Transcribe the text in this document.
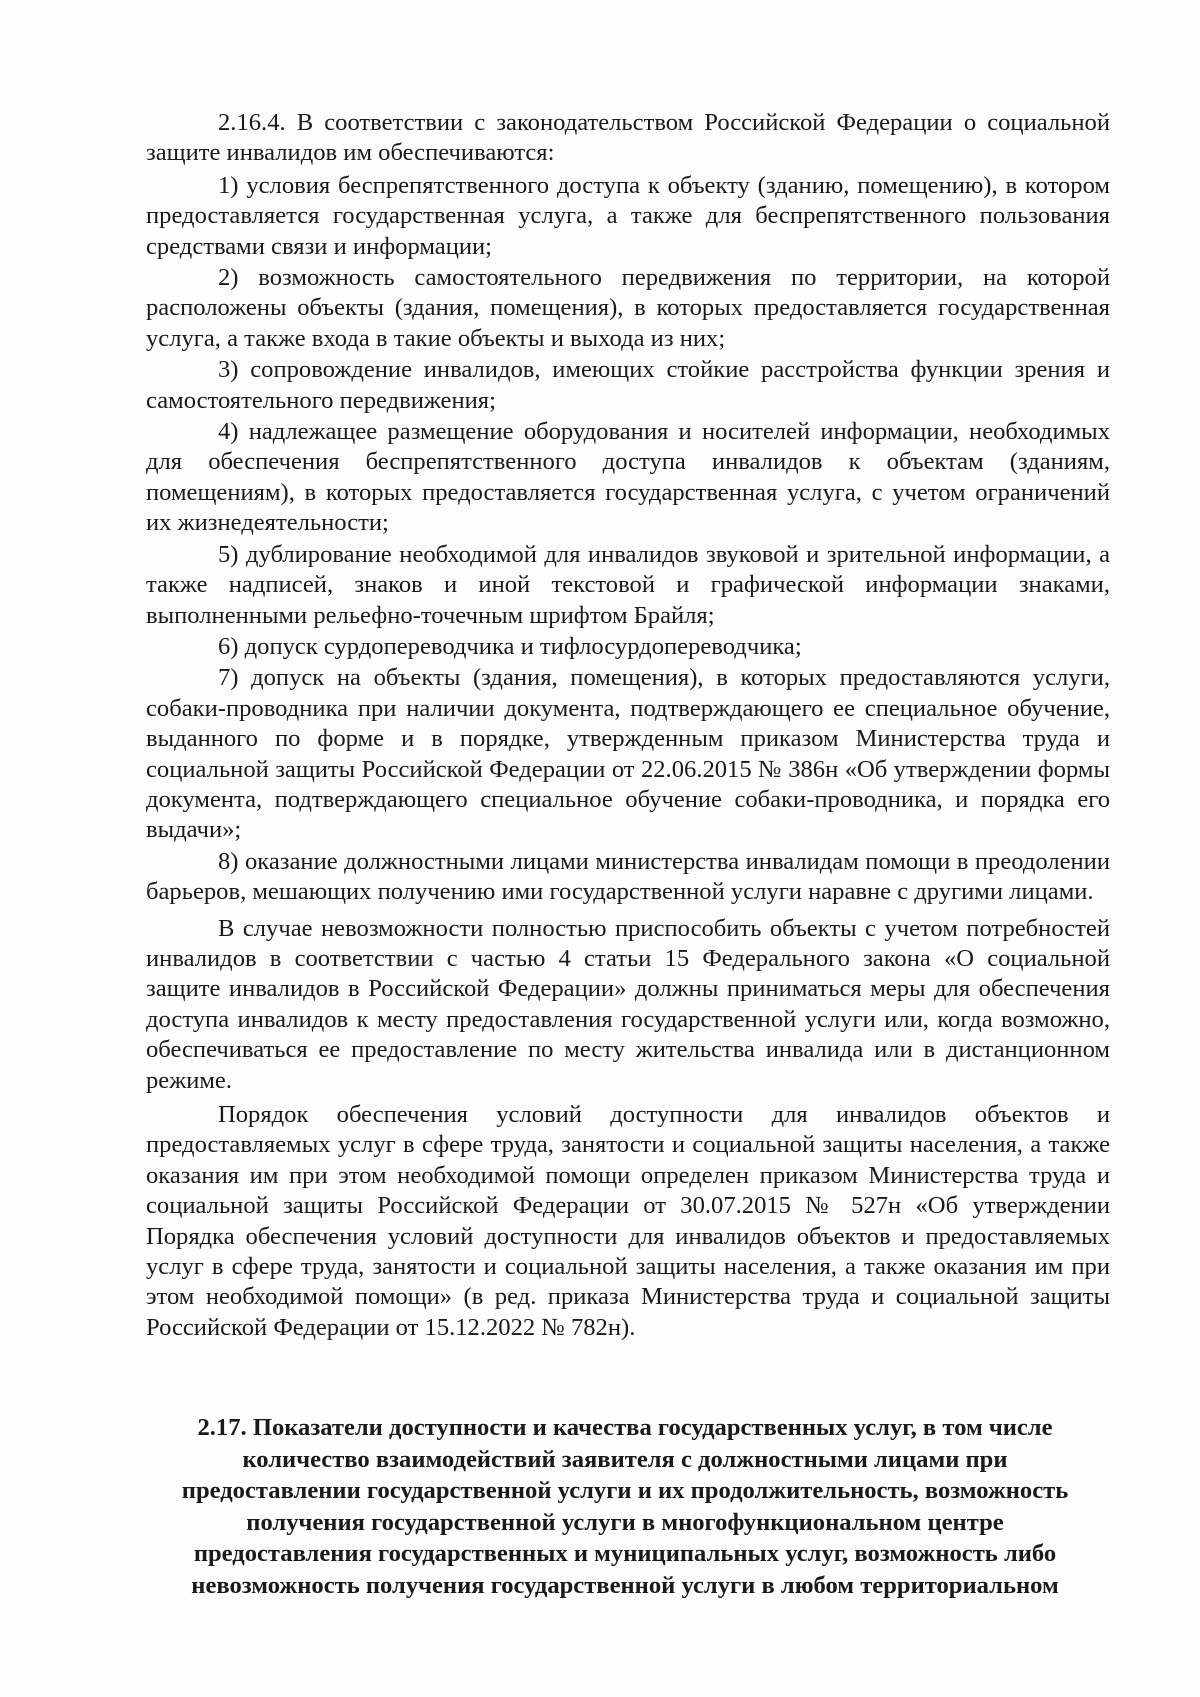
2.16.4. В соответствии с законодательством Российской Федерации о социальной защите инвалидов им обеспечиваются:

1) условия беспрепятственного доступа к объекту (зданию, помещению), в котором предоставляется государственная услуга, а также для беспрепятственного пользования средствами связи и информации;

2) возможность самостоятельного передвижения по территории, на которой расположены объекты (здания, помещения), в которых предоставляется государственная услуга, а также входа в такие объекты и выхода из них;

3) сопровождение инвалидов, имеющих стойкие расстройства функции зрения и самостоятельного передвижения;

4) надлежащее размещение оборудования и носителей информации, необходимых для обеспечения беспрепятственного доступа инвалидов к объектам (зданиям, помещениям), в которых предоставляется государственная услуга, с учетом ограничений их жизнедеятельности;

5) дублирование необходимой для инвалидов звуковой и зрительной информации, а также надписей, знаков и иной текстовой и графической информации знаками, выполненными рельефно-точечным шрифтом Брайля;

6) допуск сурдопереводчика и тифлосурдопереводчика;

7) допуск на объекты (здания, помещения), в которых предоставляются услуги, собаки-проводника при наличии документа, подтверждающего ее специальное обучение, выданного по форме и в порядке, утвержденным приказом Министерства труда и социальной защиты Российской Федерации от 22.06.2015 № 386н «Об утверждении формы документа, подтверждающего специальное обучение собаки-проводника, и порядка его выдачи»;

8) оказание должностными лицами министерства инвалидам помощи в преодолении барьеров, мешающих получению ими государственной услуги наравне с другими лицами.

В случае невозможности полностью приспособить объекты с учетом потребностей инвалидов в соответствии с частью 4 статьи 15 Федерального закона «О социальной защите инвалидов в Российской Федерации» должны приниматься меры для обеспечения доступа инвалидов к месту предоставления государственной услуги или, когда возможно, обеспечиваться ее предоставление по месту жительства инвалида или в дистанционном режиме.

Порядок обеспечения условий доступности для инвалидов объектов и предоставляемых услуг в сфере труда, занятости и социальной защиты населения, а также оказания им при этом необходимой помощи определен приказом Министерства труда и социальной защиты Российской Федерации от 30.07.2015 № 527н «Об утверждении Порядка обеспечения условий доступности для инвалидов объектов и предоставляемых услуг в сфере труда, занятости и социальной защиты населения, а также оказания им при этом необходимой помощи» (в ред. приказа Министерства труда и социальной защиты Российской Федерации от 15.12.2022 № 782н).

2.17. Показатели доступности и качества государственных услуг, в том числе

количество взаимодействий заявителя с должностными лицами при

предоставлении государственной услуги и их продолжительность, возможность

получения государственной услуги в многофункциональном центре

предоставления государственных и муниципальных услуг, возможность либо

невозможность получения государственной услуги в любом территориальном
